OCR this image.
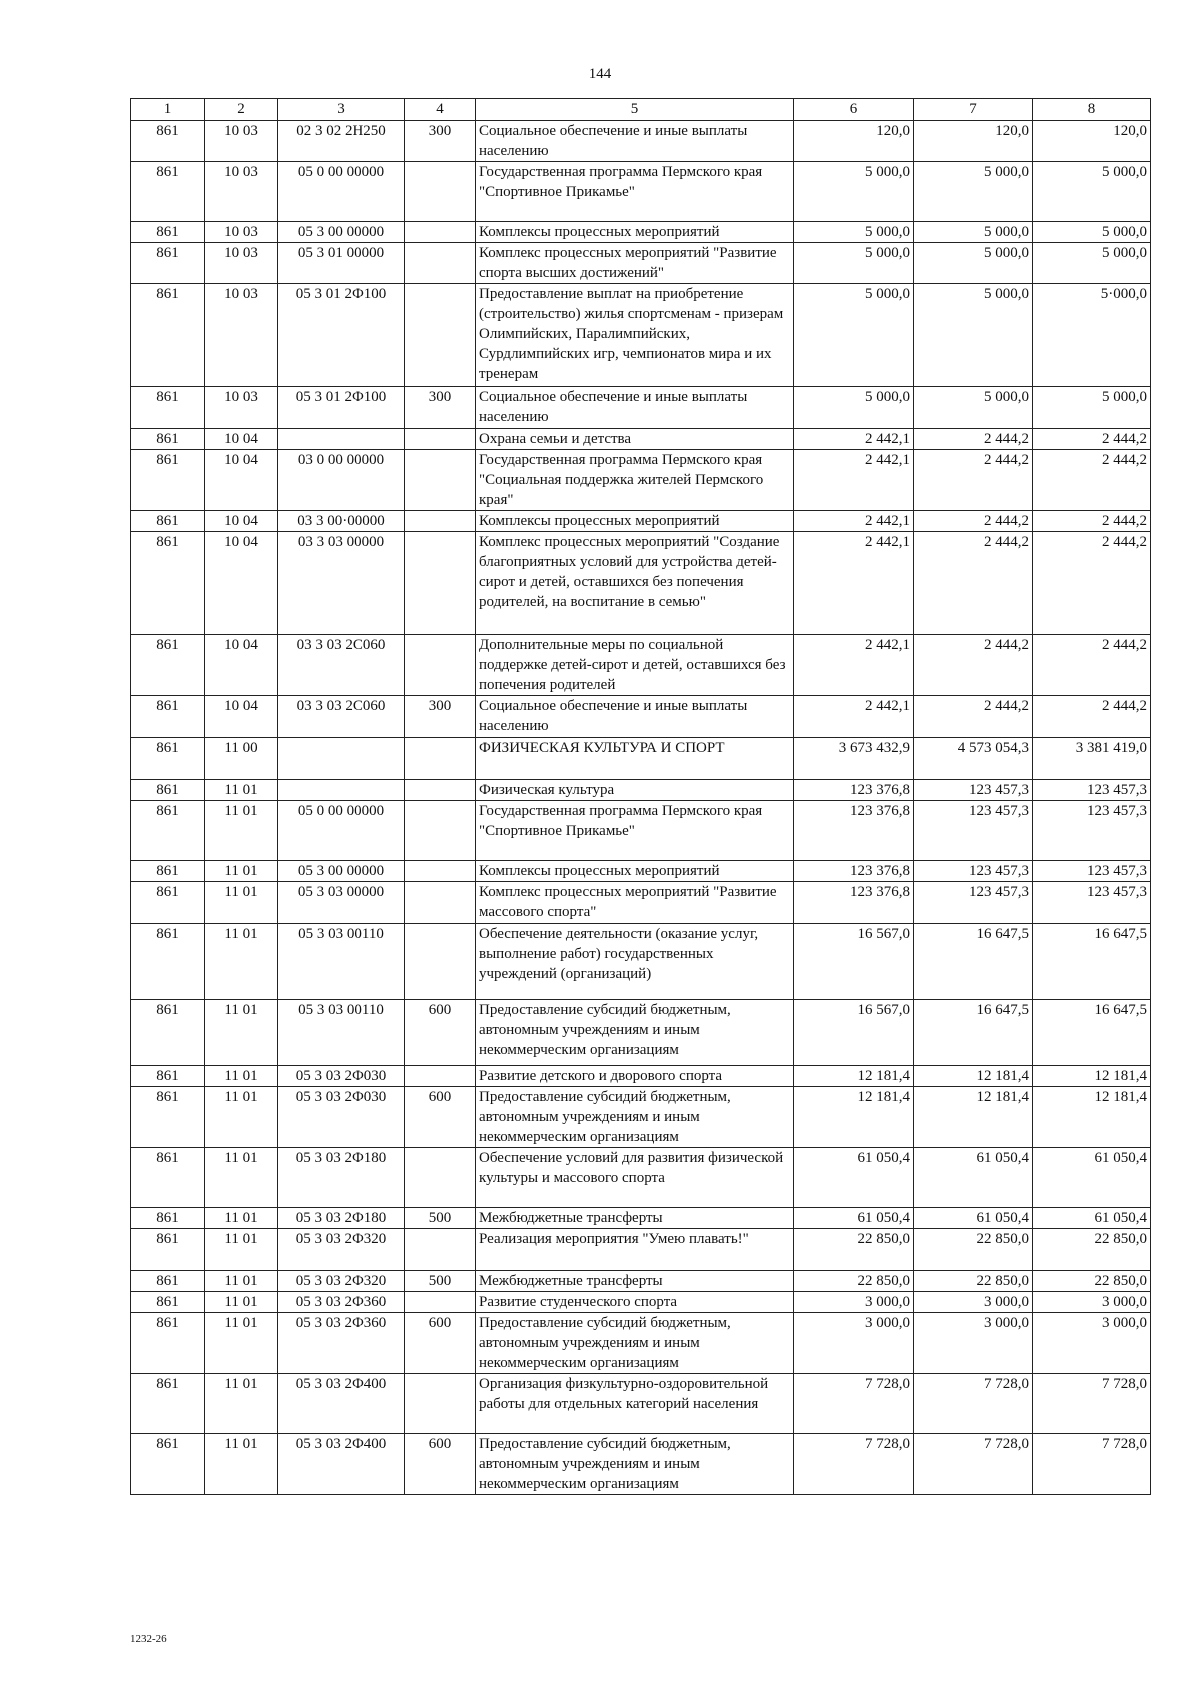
144
1	2	3	4	5	6	7	8
861	10 03	02 3 02 2Н250	300	Социальное обеспечение и иные выплаты населению	120,0	120,0	120,0
861	10 03	05 0 00 00000		Государственная программа Пермского края "Спортивное Прикамье"	5 000,0	5 000,0	5 000,0
861	10 03	05 3 00 00000		Комплексы процессных мероприятий	5 000,0	5 000,0	5 000,0
861	10 03	05 3 01 00000		Комплекс процессных мероприятий "Развитие спорта высших достижений"	5 000,0	5 000,0	5 000,0
861	10 03	05 3 01 2Ф100		Предоставление выплат на приобретение (строительство) жилья спортсменам - призерам Олимпийских, Паралимпийских, Сурдлимпийских игр, чемпионатов мира и их тренерам	5 000,0	5 000,0	5·000,0
861	10 03	05 3 01 2Ф100	300	Социальное обеспечение и иные выплаты населению	5 000,0	5 000,0	5 000,0
861	10 04			Охрана семьи и детства	2 442,1	2 444,2	2 444,2
861	10 04	03 0 00 00000		Государственная программа Пермского края "Социальная поддержка жителей Пермского края"	2 442,1	2 444,2	2 444,2
861	10 04	03 3 00·00000		Комплексы процессных мероприятий	2 442,1	2 444,2	2 444,2
861	10 04	03 3 03 00000		Комплекс процессных мероприятий "Создание благоприятных условий для устройства детей-сирот и детей, оставшихся без попечения родителей, на воспитание в семью"	2 442,1	2 444,2	2 444,2
861	10 04	03 3 03 2С060		Дополнительные меры по социальной поддержке детей-сирот и детей, оставшихся без попечения родителей	2 442,1	2 444,2	2 444,2
861	10 04	03 3 03 2С060	300	Социальное обеспечение и иные выплаты населению	2 442,1	2 444,2	2 444,2
861	11 00			ФИЗИЧЕСКАЯ КУЛЬТУРА И СПОРТ	3 673 432,9	4 573 054,3	3 381 419,0
861	11 01			Физическая культура	123 376,8	123 457,3	123 457,3
861	11 01	05 0 00 00000		Государственная программа Пермского края "Спортивное Прикамье"	123 376,8	123 457,3	123 457,3
861	11 01	05 3 00 00000		Комплексы процессных мероприятий	123 376,8	123 457,3	123 457,3
861	11 01	05 3 03 00000		Комплекс процессных мероприятий "Развитие массового спорта"	123 376,8	123 457,3	123 457,3
861	11 01	05 3 03 00110		Обеспечение деятельности (оказание услуг, выполнение работ) государственных учреждений (организаций)	16 567,0	16 647,5	16 647,5
861	11 01	05 3 03 00110	600	Предоставление субсидий бюджетным, автономным учреждениям и иным некоммерческим организациям	16 567,0	16 647,5	16 647,5
861	11 01	05 3 03 2Ф030		Развитие детского и дворового спорта	12 181,4	12 181,4	12 181,4
861	11 01	05 3 03 2Ф030	600	Предоставление субсидий бюджетным, автономным учреждениям и иным некоммерческим организациям	12 181,4	12 181,4	12 181,4
861	11 01	05 3 03 2Ф180		Обеспечение условий для развития физической культуры и массового спорта	61 050,4	61 050,4	61 050,4
861	11 01	05 3 03 2Ф180	500	Межбюджетные трансферты	61 050,4	61 050,4	61 050,4
861	11 01	05 3 03 2Ф320		Реализация мероприятия "Умею плавать!"	22 850,0	22 850,0	22 850,0
861	11 01	05 3 03 2Ф320	500	Межбюджетные трансферты	22 850,0	22 850,0	22 850,0
861	11 01	05 3 03 2Ф360		Развитие студенческого спорта	3 000,0	3 000,0	3 000,0
861	11 01	05 3 03 2Ф360	600	Предоставление субсидий бюджетным, автономным учреждениям и иным некоммерческим организациям	3 000,0	3 000,0	3 000,0
861	11 01	05 3 03 2Ф400		Организация физкультурно-оздоровительной работы для отдельных категорий населения	7 728,0	7 728,0	7 728,0
861	11 01	05 3 03 2Ф400	600	Предоставление субсидий бюджетным, автономным учреждениям и иным некоммерческим организациям	7 728,0	7 728,0	7 728,0
1232-26
